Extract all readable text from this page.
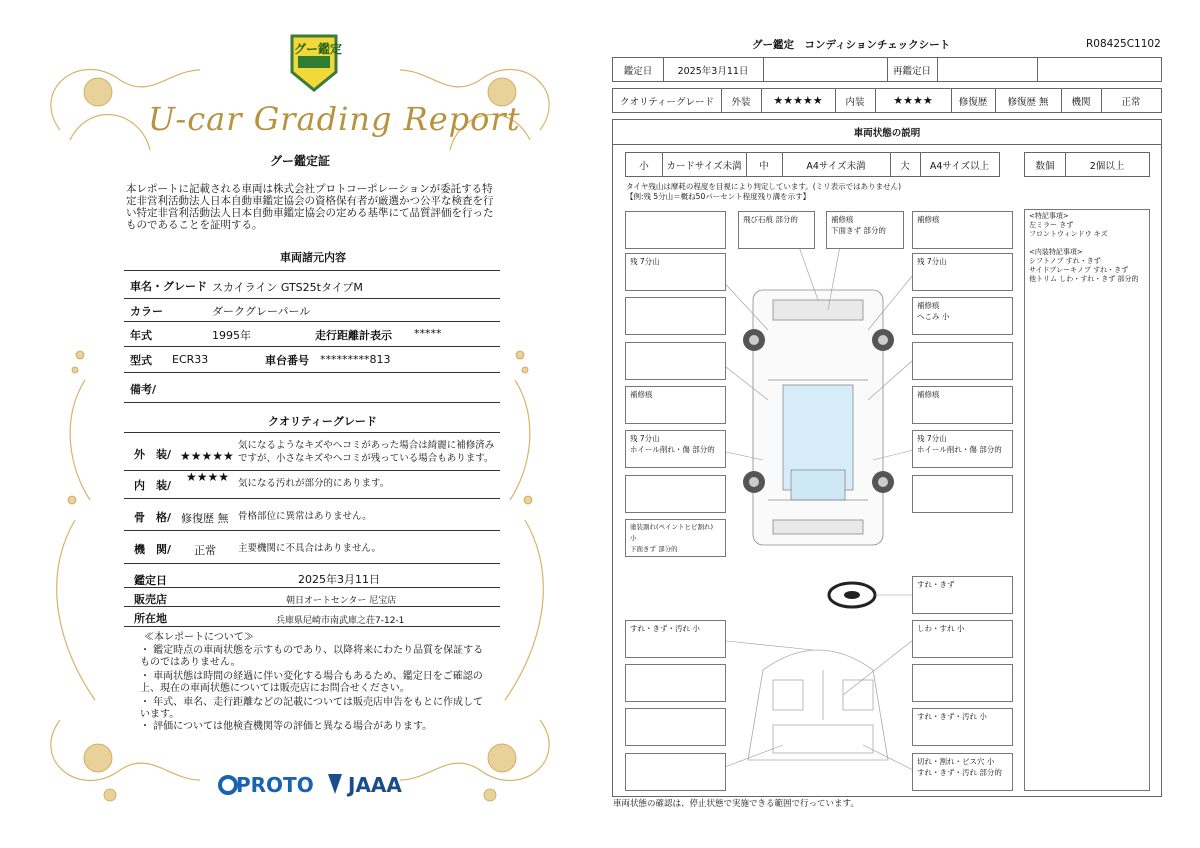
グー鑑定
U-car Grading Report
グー鑑定証
本レポートに記載される車両は株式会社プロトコーポレーションが委託する特定非営利活動法人日本自動車鑑定協会の資格保有者が厳選かつ公平な検査を行い特定非営利活動法人日本自動車鑑定協会の定める基準にて品質評価を行ったものであることを証明する。
車両諸元内容
車名・グレード スカイライン GTS25tタイプM
カラー	ダークグレーパール
年式	1995年	走行距離計表示 *****
型式 ECR33	車台番号 *********813
備考/
クオリティーグレード
外　装/ ★★★★★
気になるようなキズやヘコミがあった場合は綺麗に補修済み
ですが、小さなキズやヘコミが残っている場合もあります。
内　装/
★★★★ 気になる汚れが部分的にあります。
骨　格/ 修復歴 無 骨格部位に異常はありません。
機　関/ 正常 主要機関に不具合はありません。
鑑定日	2025年3月11日
販売店	朝日オートセンター 尼宝店
所在地	兵庫県尼崎市南武庫之荘7-12-1
≪本レポートについて≫
・ 鑑定時点の車両状態を示すものであり、以降将来にわたり品質を保証するものではありません。
・ 車両状態は時間の経過に伴い変化する場合もあるため、鑑定日をご確認の上、現在の車両状態については販売店にお問合せください。
・ 年式、車名、走行距離などの記載については販売店申告をもとに作成しています。
・ 評価については他検査機関等の評価と異なる場合があります。
PROTO JAAA
グー鑑定　コンディションチェックシート	R08425C1102
鑑定日	2025年3月11日	再鑑定日
クオリティーグレード	外装	★★★★★	内装	★★★★	修復歴	修復歴 無	機関	正常
車両状態の説明
小	カードサイズ未満	中	A4サイズ未満	大	A4サイズ以上	数個	2個以上
タイヤ残山は摩耗の程度を目視により判定しています。(ミリ表示ではありません)
【例:残 5分山＝概ね50パーセント程度残り溝を示す】
飛び石痕 部分的	補修痕
下面きず 部分的
補修痕
残 7分山
補修痕
残 7分山
ホイール削れ・傷 部分的
塗装割れ(ペイントヒビ割れ) 小
下面きず 部分的
残 7分山
補修痕
へこみ 小
補修痕
残 7分山
ホイール削れ・傷 部分的
すれ・きず
すれ・きず・汚れ 小	しわ・すれ 小
すれ・きず・汚れ 小
切れ・割れ・ビス穴 小
すれ・きず・汚れ 部分的
<特記事項>
左ミラー きず
フロントウィンドウ キズ

<内装特記事項>
シフトノブ すれ・きず
サイドブレーキノブ すれ・きず
他トリム しわ・すれ・きず 部分的
車両状態の確認は、停止状態で実施できる範囲で行っています。
